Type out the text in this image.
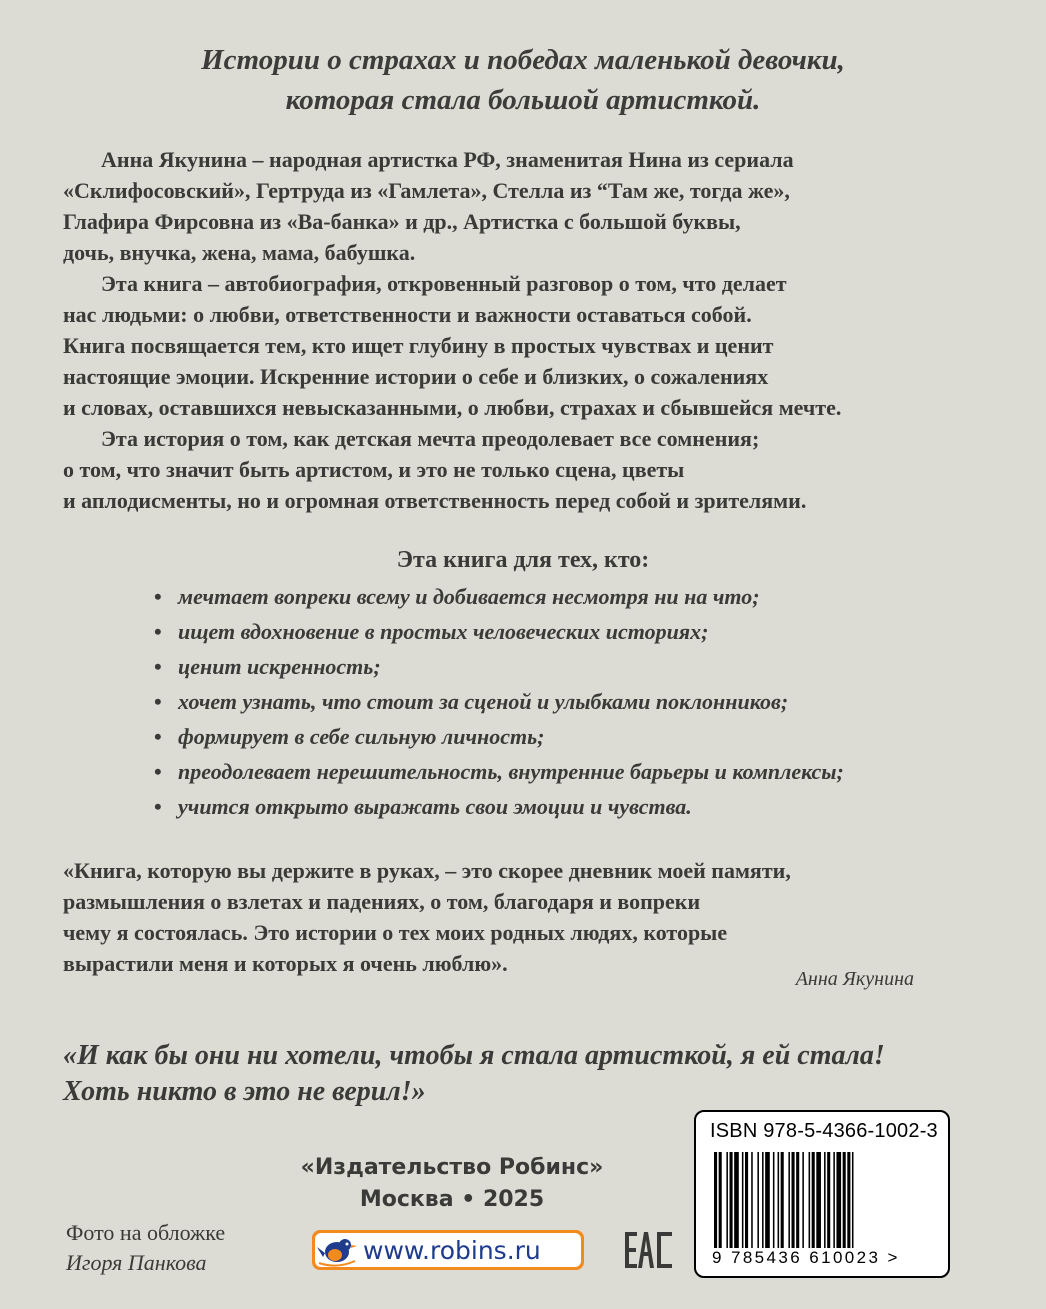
Истории о страхах и победах маленькой девочки,
которая стала большой артисткой.
Анна Якунина – народная артистка РФ, знаменитая Нина из сериала
«Склифосовский», Гертруда из «Гамлета», Стелла из “Там же, тогда же»,
Глафира Фирсовна из «Ва-банка» и др., Артистка с большой буквы,
дочь, внучка, жена, мама, бабушка.
Эта книга – автобиография, откровенный разговор о том, что делает
нас людьми: о любви, ответственности и важности оставаться собой.
Книга посвящается тем, кто ищет глубину в простых чувствах и ценит
настоящие эмоции. Искренние истории о себе и близких, о сожалениях
и словах, оставшихся невысказанными, о любви, страхах и сбывшейся мечте.
Эта история о том, как детская мечта преодолевает все сомнения;
о том, что значит быть артистом, и это не только сцена, цветы
и аплодисменты, но и огромная ответственность перед собой и зрителями.
Эта книга для тех, кто:
• мечтает вопреки всему и добивается несмотря ни на что;
• ищет вдохновение в простых человеческих историях;
• ценит искренность;
• хочет узнать, что стоит за сценой и улыбками поклонников;
• формирует в себе сильную личность;
• преодолевает нерешительность, внутренние барьеры и комплексы;
• учится открыто выражать свои эмоции и чувства.
«Книга, которую вы держите в руках, – это скорее дневник моей памяти,
размышления о взлетах и падениях, о том, благодаря и вопреки
чему я состоялась. Это истории о тех моих родных людях, которые
вырастили меня и которых я очень люблю».
Анна Якунина
«И как бы они ни хотели, чтобы я стала артисткой, я ей стала!
Хоть никто в это не верил!»
«Издательство Робинс»
Москва • 2025
Фото на обложке
Игоря Панкова	www.robins.ru
ISBN 978-5-4366-1002-3
9 785436 610023 >
